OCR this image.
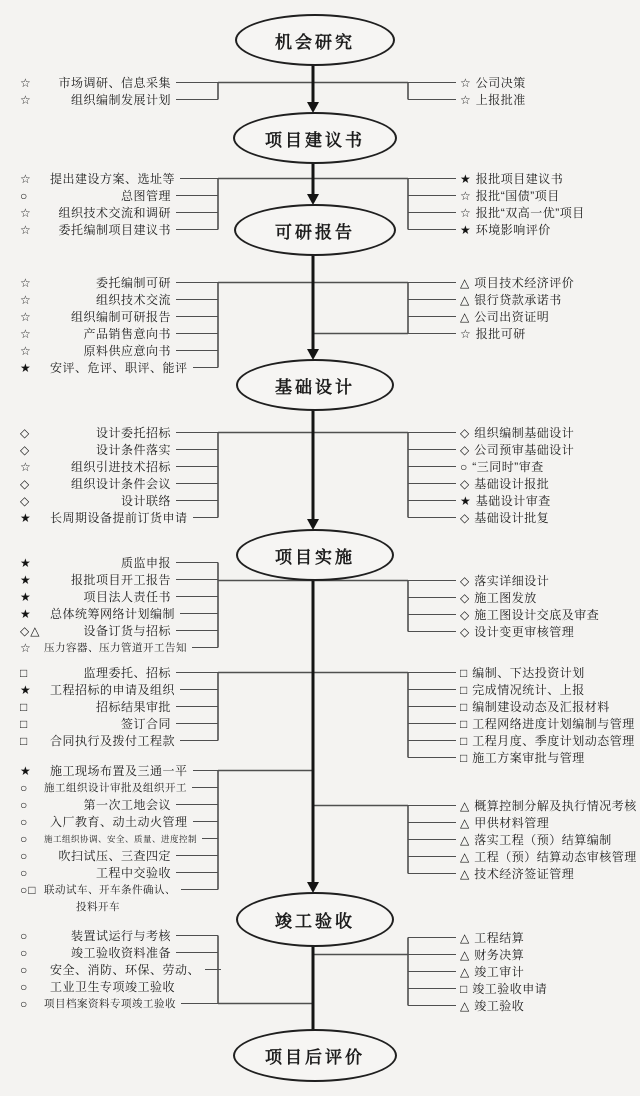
机会研究
项目建议书
可研报告
基础设计
项目实施
竣工验收
项目后评价
☆	市场调研、信息采集
☆	组织编制发展计划
☆ 公司决策
☆ 上报批准
☆	提出建设方案、选址等
○	总图管理
☆	组织技术交流和调研
☆	委托编制项目建议书
★ 报批项目建议书
☆ 报批“国债”项目
☆ 报批“双高一优”项目
★ 环境影响评价
☆	委托编制可研
☆	组织技术交流
☆	组织编制可研报告
☆	产品销售意向书
☆	原料供应意向书
★	安评、危评、职评、能评
△ 项目技术经济评价
△ 银行贷款承诺书
△ 公司出资证明
☆ 报批可研
◇	设计委托招标
◇	设计条件落实
☆	组织引进技术招标
◇	组织设计条件会议
◇	设计联络
★	长周期设备提前订货申请
◇ 组织编制基础设计
◇ 公司预审基础设计
○ “三同时”审查
◇ 基础设计报批
★ 基础设计审查
◇ 基础设计批复
★	质监申报
★	报批项目开工报告
★	项目法人责任书
★	总体统筹网络计划编制
◇△	设备订货与招标
☆	压力容器、压力管道开工告知
◇ 落实详细设计
◇ 施工图发放
◇ 施工图设计交底及审查
◇ 设计变更审核管理
□	监理委托、招标
★	工程招标的申请及组织
□	招标结果审批
□	签订合同
□	合同执行及拨付工程款
□ 编制、下达投资计划
□ 完成情况统计、上报
□ 编制建设动态及汇报材料
□ 工程网络进度计划编制与管理
□ 工程月度、季度计划动态管理
□ 施工方案审批与管理
★	施工现场布置及三通一平
○	施工组织设计审批及组织开工
○	第一次工地会议
○	入厂教育、动土动火管理
○	施工组织协调、安全、质量、进度控制
○	吹扫试压、三查四定
○	工程中交验收
○□ 联动试车、开车条件确认、
投料开车
△ 概算控制分解及执行情况考核
△ 甲供材料管理
△ 落实工程（预）结算编制
△ 工程（预）结算动态审核管理
△ 技术经济签证管理
○	装置试运行与考核
○	竣工验收资料准备
○	安全、消防、环保、劳动、
○	工业卫生专项竣工验收
○	项目档案资料专项竣工验收
△ 工程结算
△ 财务决算
△ 竣工审计
□ 竣工验收申请
△ 竣工验收
